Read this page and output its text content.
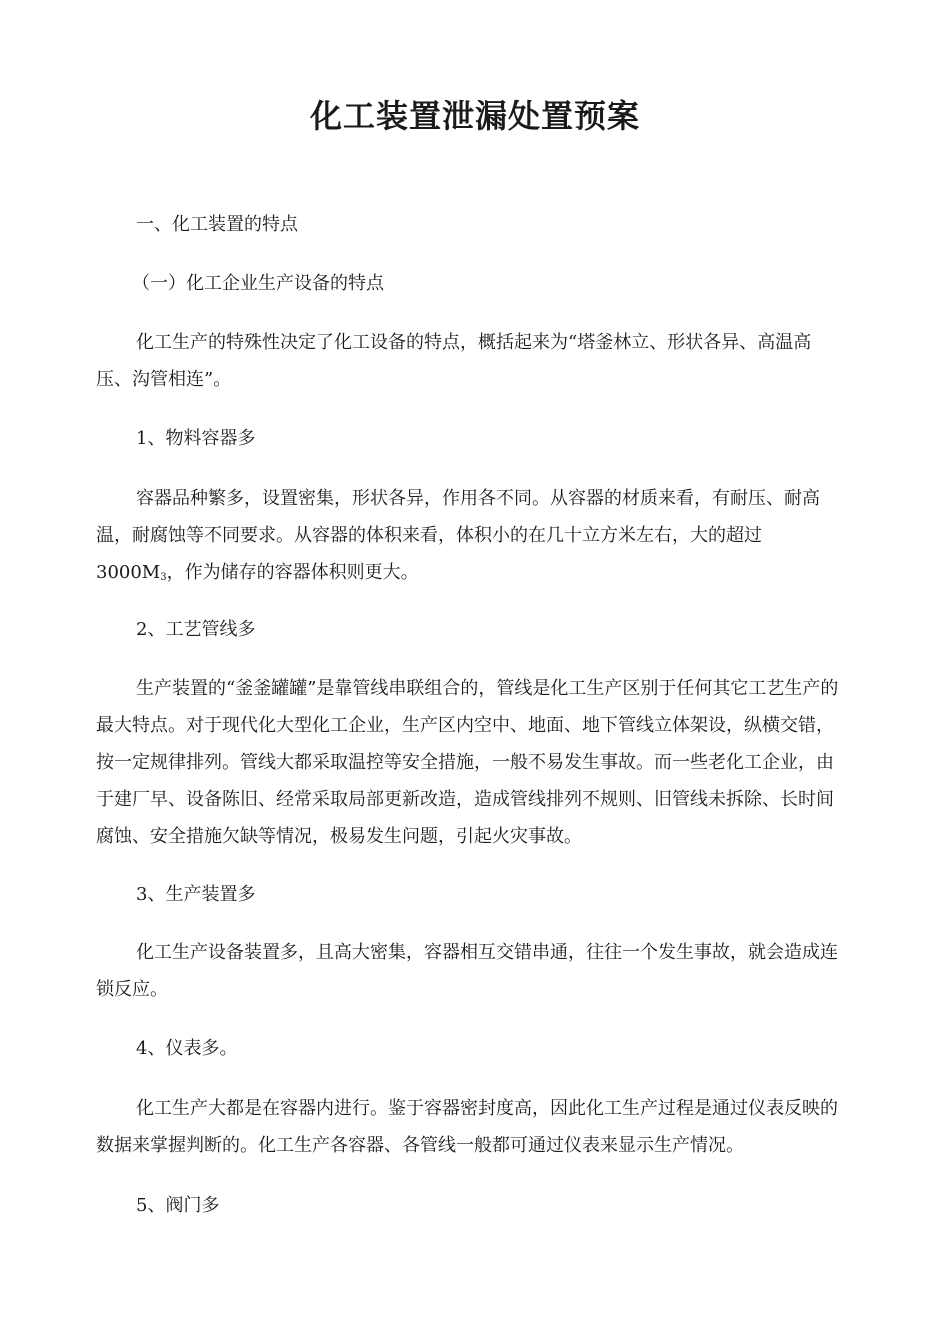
化工装置泄漏处置预案

一、化工装置的特点

（一）化工企业生产设备的特点

化工生产的特殊性决定了化工设备的特点，概括起来为“塔釜林立、形状各异、高温高压、沟管相连”。

1、物料容器多

容器品种繁多，设置密集，形状各异，作用各不同。从容器的材质来看，有耐压、耐高温，耐腐蚀等不同要求。从容器的体积来看，体积小的在几十立方米左右，大的超过$3000M_3$，作为储存的容器体积则更大。

2、工艺管线多

生产装置的“釜釜罐罐”是靠管线串联组合的，管线是化工生产区别于任何其它工艺生产的最大特点。对于现代化大型化工企业，生产区内空中、地面、地下管线立体架设，纵横交错，按一定规律排列。管线大都采取温控等安全措施，一般不易发生事故。而一些老化工企业，由于建厂早、设备陈旧、经常采取局部更新改造，造成管线排列不规则、旧管线未拆除、长时间腐蚀、安全措施欠缺等情况，极易发生问题，引起火灾事故。

3、生产装置多

化工生产设备装置多，且高大密集，容器相互交错串通，往往一个发生事故，就会造成连锁反应。

4、仪表多。

化工生产大都是在容器内进行。鉴于容器密封度高，因此化工生产过程是通过仪表反映的数据来掌握判断的。化工生产各容器、各管线一般都可通过仪表来显示生产情况。

5、阀门多
